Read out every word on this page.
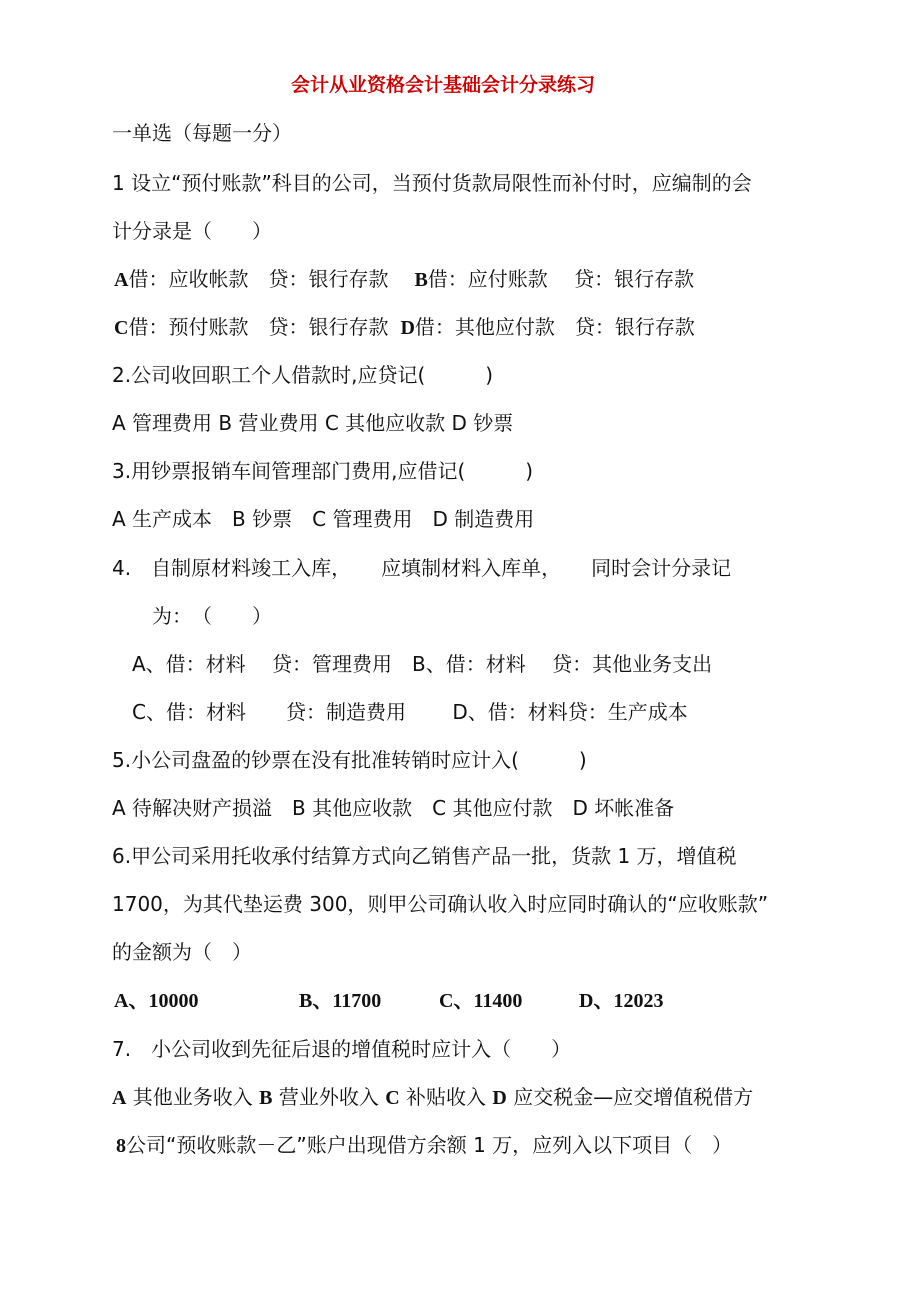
会计从业资格会计基础会计分录练习
一单选（每题一分）
1 设立“预付账款”科目的公司，当预付货款局限性而补付时，应编制的会
计分录是（　　）
A借：应收帐款　贷：银行存款 B借：应付账款　 贷：银行存款
C借：预付账款　贷：银行存款 D借：其他应付款　贷：银行存款
2.公司收回职工个人借款时,应贷记(　　　)
A 管理费用 B 营业费用 C 其他应收款 D 钞票
3.用钞票报销车间管理部门费用,应借记(　　　)
A 生产成本　B 钞票　C 管理费用　D 制造费用
4.　自制原材料竣工入库，　　应填制材料入库单，　　同时会计分录记
为：　（　　）
A、借：材料　 贷：管理费用　B、借：材料　 贷：其他业务支出
C、借：材料　　贷：制造费用　　 D、借：材料贷：生产成本
5.小公司盘盈的钞票在没有批准转销时应计入(　　　)
A 待解决财产损溢　B 其他应收款　C 其他应付款　D 坏帐准备
6.甲公司采用托收承付结算方式向乙销售产品一批，货款 1 万，增值税
1700，为其代垫运费 300，则甲公司确认收入时应同时确认的“应收账款”
的金额为（　）
A、10000	B、11700	C、11400	D、12023
7.　小公司收到先征后退的增值税时应计入（　　）
A 其他业务收入 B 营业外收入 C 补贴收入 D 应交税金—应交增值税借方
8公司“预收账款－乙”账户出现借方余额 1 万，应列入以下项目（　）
